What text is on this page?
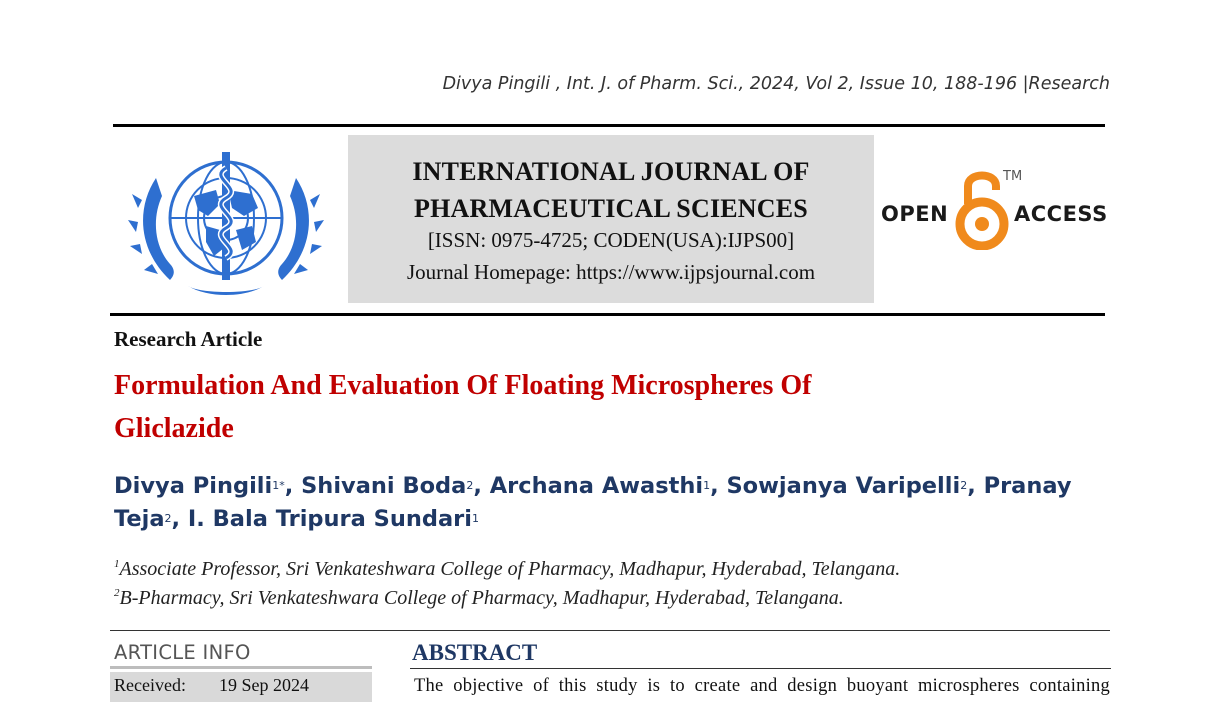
Divya Pingili , Int. J. of Pharm. Sci., 2024, Vol 2, Issue 10, 188-196 |Research
INTERNATIONAL JOURNAL OF
PHARMACEUTICAL SCIENCES
[ISSN: 0975-4725; CODEN(USA):IJPS00]
Journal Homepage: https://www.ijpsjournal.com
OPEN
TM
ACCESS
Research Article
Formulation And Evaluation Of Floating Microspheres Of
Gliclazide
Divya Pingili$^{1*}$, Shivani Boda$^2$, Archana Awasthi$^1$, Sowjanya Varipelli$^2$, Pranay Teja$^2$, I. Bala Tripura Sundari$^1$
$^1$Associate Professor, Sri Venkateshwara College of Pharmacy, Madhapur, Hyderabad, Telangana.
$^2$B-Pharmacy, Sri Venkateshwara College of Pharmacy, Madhapur, Hyderabad, Telangana.
ARTICLE INFO
Received: 19 Sep 2024
ABSTRACT
The objective of this study is to create and design buoyant microspheres containing
